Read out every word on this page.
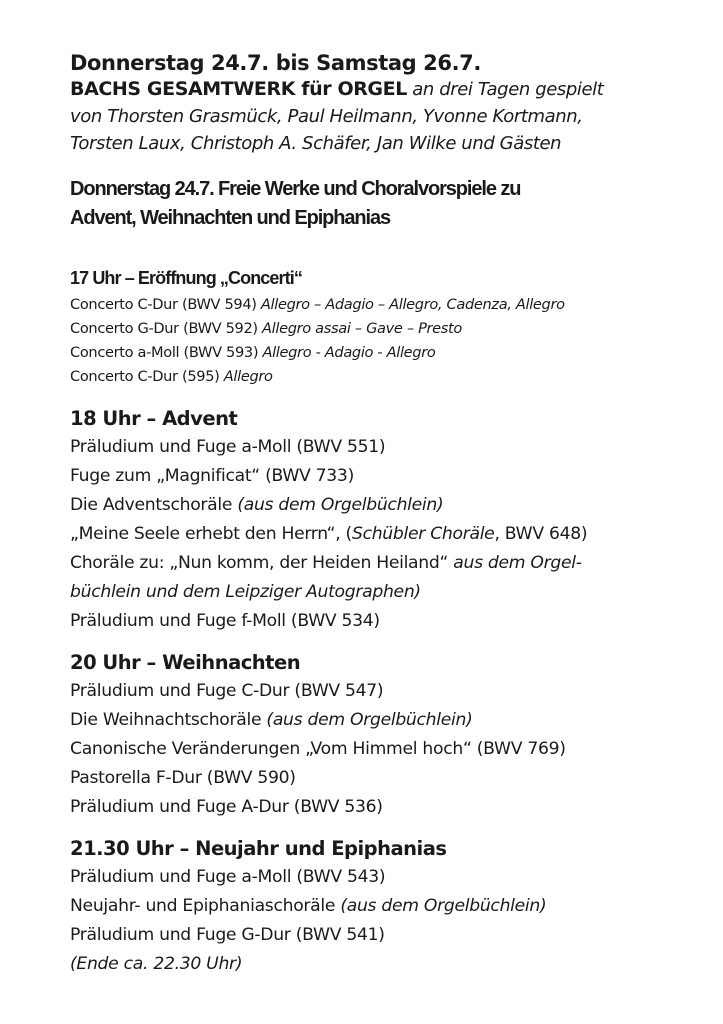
Donnerstag 24.7. bis Samstag 26.7.
BACHS GESAMTWERK für ORGEL an drei Tagen gespielt
von Thorsten Grasmück, Paul Heilmann, Yvonne Kortmann,
Torsten Laux, Christoph A. Schäfer, Jan Wilke und Gästen
Donnerstag 24.7. Freie Werke und Choralvorspiele zu
Advent, Weihnachten und Epiphanias
17 Uhr – Eröffnung „Concerti“
Concerto C-Dur (BWV 594) Allegro – Adagio – Allegro, Cadenza, Allegro
Concerto G-Dur (BWV 592) Allegro assai – Gave – Presto
Concerto a-Moll (BWV 593) Allegro - Adagio - Allegro
Concerto C-Dur (595) Allegro
18 Uhr – Advent
Präludium und Fuge a-Moll (BWV 551)
Fuge zum „Magnificat“ (BWV 733)
Die Adventschoräle (aus dem Orgelbüchlein)
„Meine Seele erhebt den Herrn“, (Schübler Choräle, BWV 648)
Choräle zu: „Nun komm, der Heiden Heiland“ aus dem Orgel-büchlein und dem Leipziger Autographen)
Präludium und Fuge f-Moll (BWV 534)
20 Uhr – Weihnachten
Präludium und Fuge C-Dur (BWV 547)
Die Weihnachtschoräle (aus dem Orgelbüchlein)
Canonische Veränderungen „Vom Himmel hoch“ (BWV 769)
Pastorella F-Dur (BWV 590)
Präludium und Fuge A-Dur (BWV 536)
21.30 Uhr – Neujahr und Epiphanias
Präludium und Fuge a-Moll (BWV 543)
Neujahr- und Epiphaniaschoräle (aus dem Orgelbüchlein)
Präludium und Fuge G-Dur (BWV 541)
(Ende ca. 22.30 Uhr)
